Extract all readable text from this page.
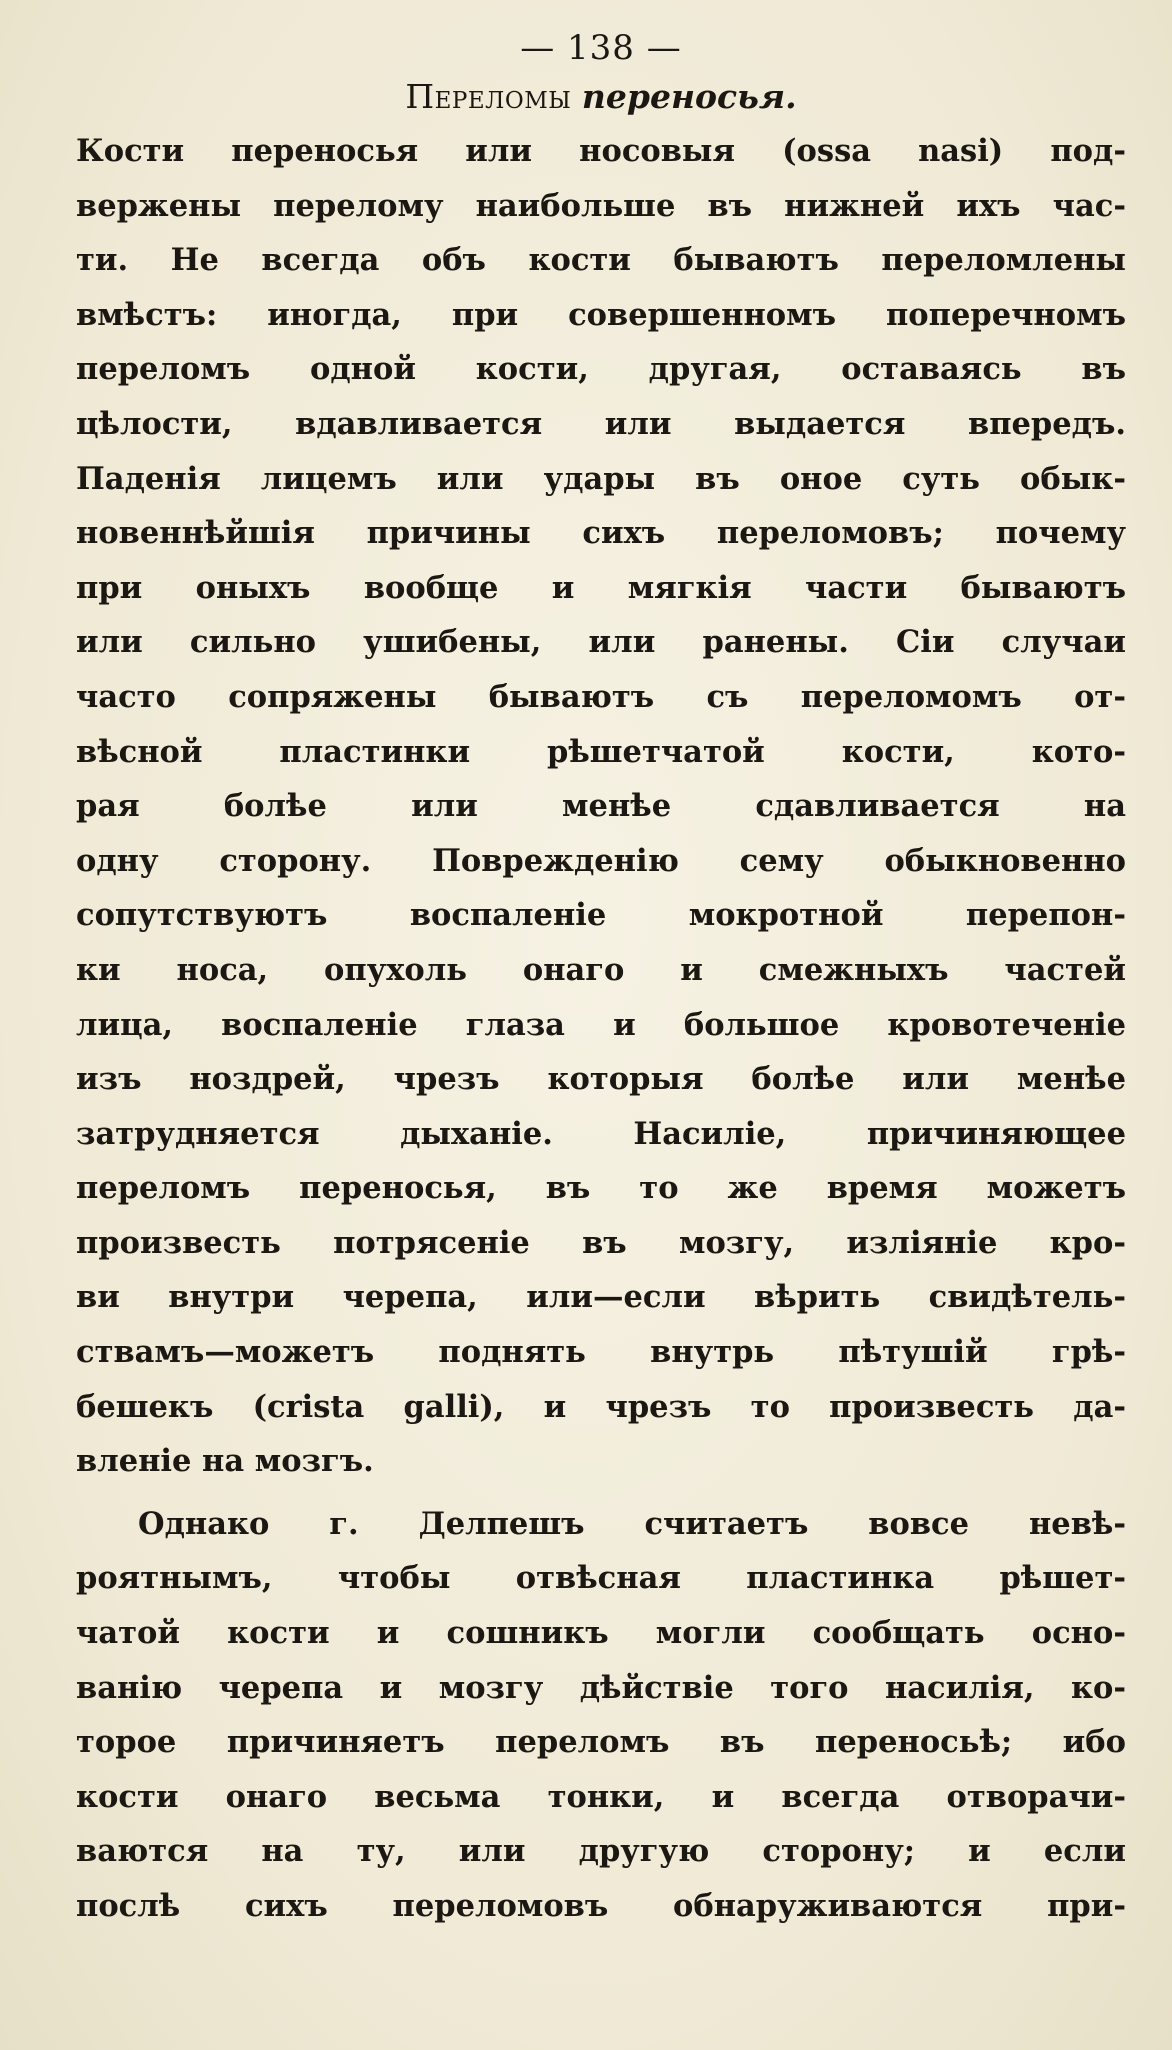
— 138 —
Переломы переносья.
Кости переносья или носовыя (ossa nasi) под-
вержены перелому наибольше въ нижней ихъ час-
ти. Не всегда объ кости бываютъ переломлены
вмѣстъ: иногда, при совершенномъ поперечномъ
переломъ одной кости, другая, оставаясь въ
цѣлости, вдавливается или выдается впередъ.
Паденія лицемъ или удары въ оное суть обык-
новеннѣйшія причины сихъ переломовъ; почему
при оныхъ вообще и мягкія части бываютъ
или сильно ушибены, или ранены. Сіи случаи
часто сопряжены бываютъ съ переломомъ от-
вѣсной пластинки рѣшетчатой кости, кото-
рая болѣе или менѣе сдавливается на
одну сторону. Поврежденію сему обыкновенно
сопутствуютъ воспаленіе мокротной перепон-
ки носа, опухоль онаго и смежныхъ частей
лица, воспаленіе глаза и большое кровотеченіе
изъ ноздрей, чрезъ которыя болѣе или менѣе
затрудняется дыханіе. Насиліе, причиняющее
переломъ переносья, въ то же время можетъ
произвесть потрясеніе въ мозгу, изліяніе кро-
ви внутри черепа, или—если вѣрить свидѣтель-
ствамъ—можетъ поднять внутрь пѣтушій грѣ-
бешекъ (crista galli), и чрезъ то произвесть да-
вленіе на мозгъ.
Однако г. Делпешъ считаетъ вовсе невѣ-
роятнымъ, чтобы отвѣсная пластинка рѣшет-
чатой кости и сошникъ могли сообщать осно-
ванію черепа и мозгу дѣйствіе того насилія, ко-
торое причиняетъ переломъ въ переносьѣ; ибо
кости онаго весьма тонки, и всегда отворачи-
ваются на ту, или другую сторону; и если
послѣ сихъ переломовъ обнаруживаются при-
